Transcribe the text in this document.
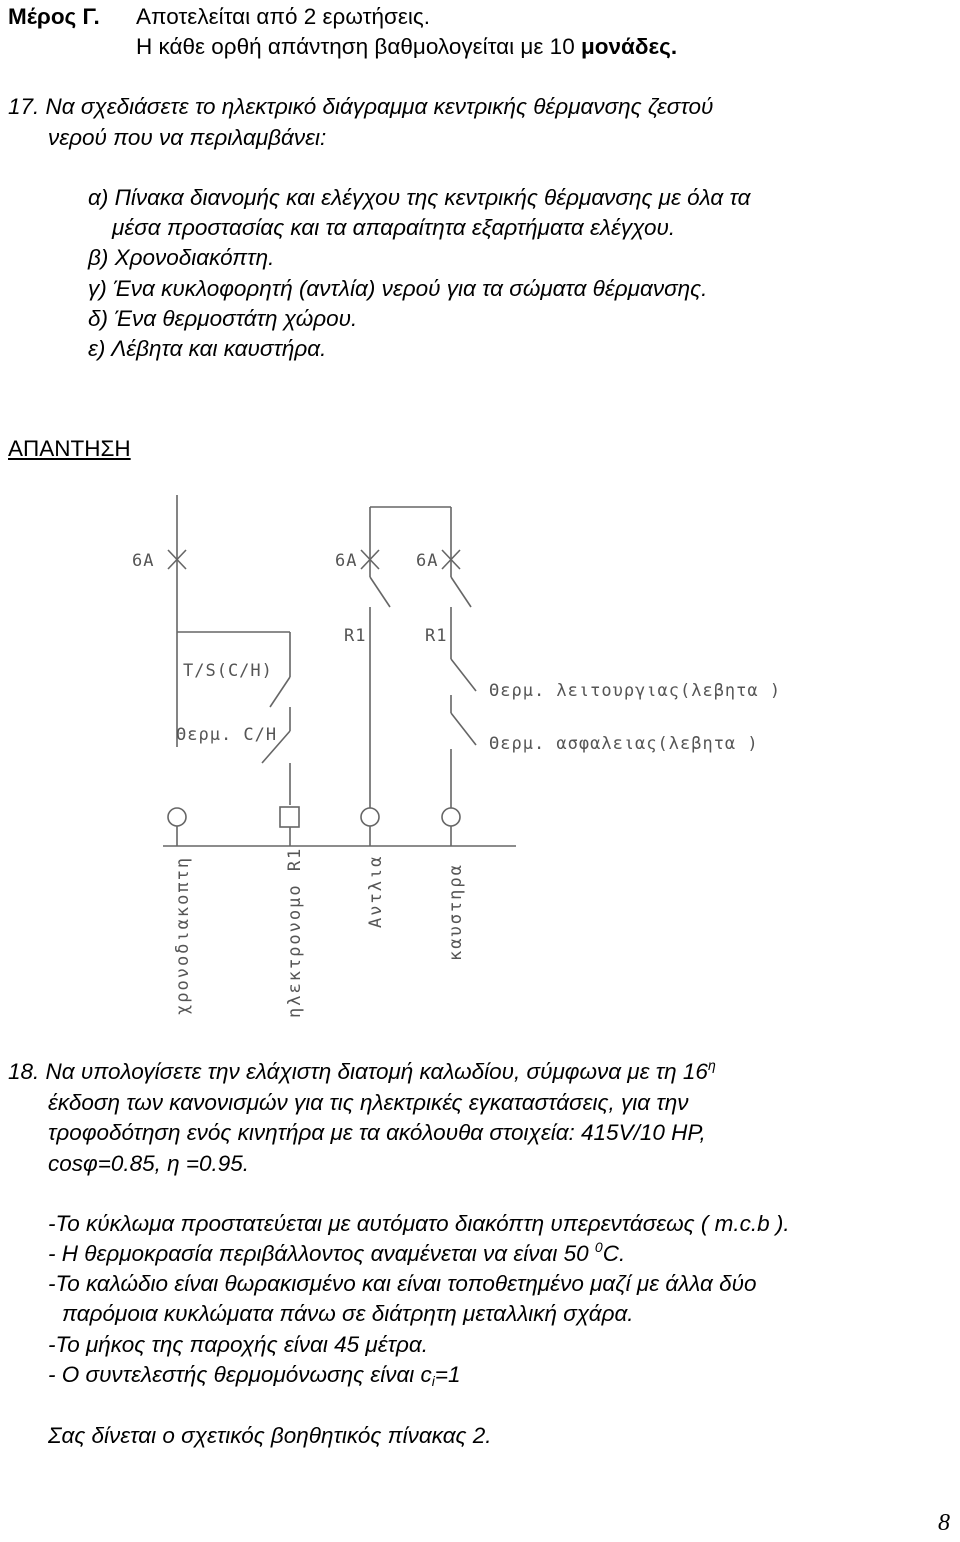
Μέρος Γ. Αποτελείται από 2 ερωτήσεις.
Η κάθε ορθή απάντηση βαθμολογείται με 10 μονάδες.
17. Να σχεδιάσετε το ηλεκτρικό διάγραμμα κεντρικής θέρμανσης ζεστού
νερού που να περιλαμβάνει:
α) Πίνακα διανομής και ελέγχου της κεντρικής θέρμανσης με όλα τα
μέσα προστασίας και τα απαραίτητα εξαρτήματα ελέγχου.
β) Χρονοδιακόπτη.
γ) Ένα κυκλοφορητή (αντλία) νερού για τα σώματα θέρμανσης.
δ) Ένα θερμοστάτη χώρου.
ε) Λέβητα και καυστήρα.
ΑΠΑΝΤΗΣΗ
6A	6A	6A
R1	R1
T/S(C/H)
Θερμ. C/H
Θερμ. λειτουργιας(λεβητα )
Θερμ. ασφαλειας(λεβητα )
χρονοδιακοπτη	ηλεκτρονομο R1	Αντλια	καυστηρα
18. Να υπολογίσετε την ελάχιστη διατομή καλωδίου, σύμφωνα με τη $16^\eta$
έκδοση των κανονισμών για τις ηλεκτρικές εγκαταστάσεις, για την
τροφοδότηση ενός κινητήρα με τα ακόλουθα στοιχεία: 415V/10 HP,
cosφ=0.85, η =0.95.
-Το κύκλωμα προστατεύεται με αυτόματο διακόπτη υπερεντάσεως ( m.c.b ).
- Η θερμοκρασία περιβάλλοντος αναμένεται να είναι 50 $^0$C.
-Το καλώδιο είναι θωρακισμένο και είναι τοποθετημένο μαζί με άλλα δύο
παρόμοια κυκλώματα πάνω σε διάτρητη μεταλλική σχάρα.
-Το μήκος της παροχής είναι 45 μέτρα.
- Ο συντελεστής θερμομόνωσης είναι $c_i=1$
Σας δίνεται ο σχετικός βοηθητικός πίνακας 2.
8
